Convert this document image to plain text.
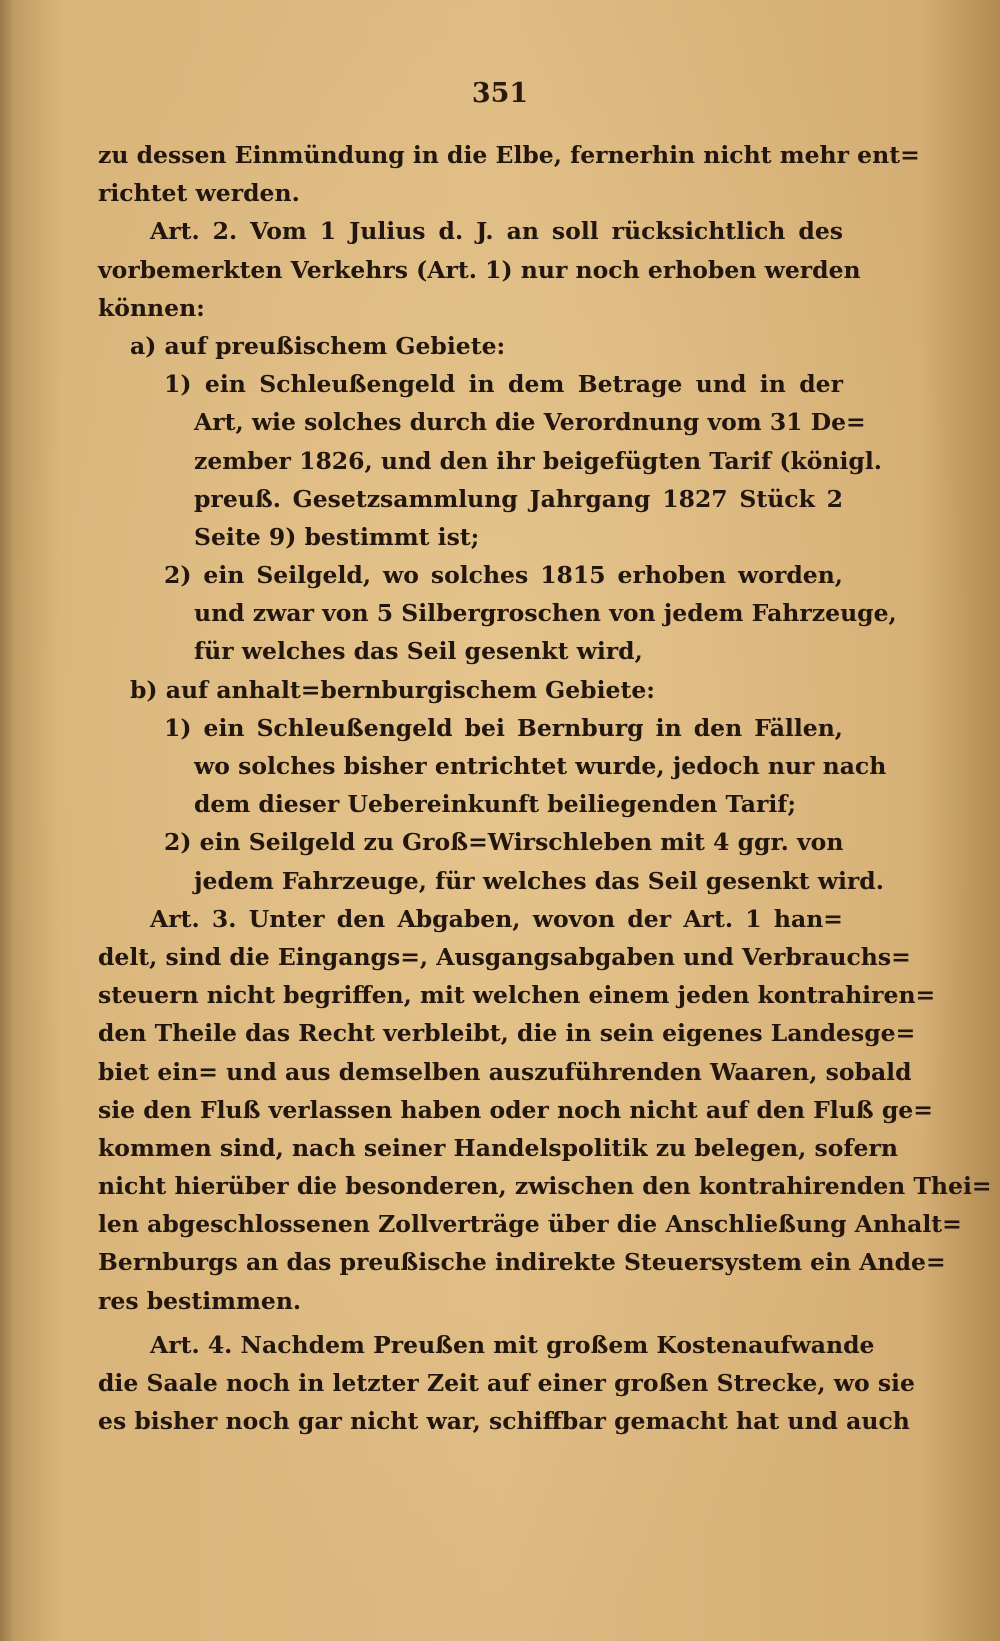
351
zu dessen Einmündung in die Elbe, fernerhin nicht mehr ent=
richtet werden.
Art. 2. Vom 1 Julius d. J. an soll rücksichtlich des
vorbemerkten Verkehrs (Art. 1) nur noch erhoben werden
können:
a) auf preußischem Gebiete:
1) ein Schleußengeld in dem Betrage und in der
Art, wie solches durch die Verordnung vom 31 De=
zember 1826, und den ihr beigefügten Tarif (königl.
preuß. Gesetzsammlung Jahrgang 1827 Stück 2
Seite 9) bestimmt ist;
2) ein Seilgeld, wo solches 1815 erhoben worden,
und zwar von 5 Silbergroschen von jedem Fahrzeuge,
für welches das Seil gesenkt wird,
b) auf anhalt=bernburgischem Gebiete:
1) ein Schleußengeld bei Bernburg in den Fällen,
wo solches bisher entrichtet wurde, jedoch nur nach
dem dieser Uebereinkunft beiliegenden Tarif;
2) ein Seilgeld zu Groß=Wirschleben mit 4 ggr. von
jedem Fahrzeuge, für welches das Seil gesenkt wird.
Art. 3. Unter den Abgaben, wovon der Art. 1 han=
delt, sind die Eingangs=, Ausgangsabgaben und Verbrauchs=
steuern nicht begriffen, mit welchen einem jeden kontrahiren=
den Theile das Recht verbleibt, die in sein eigenes Landesge=
biet ein= und aus demselben auszuführenden Waaren, sobald
sie den Fluß verlassen haben oder noch nicht auf den Fluß ge=
kommen sind, nach seiner Handelspolitik zu belegen, sofern
nicht hierüber die besonderen, zwischen den kontrahirenden Thei=
len abgeschlossenen Zollverträge über die Anschließung Anhalt=
Bernburgs an das preußische indirekte Steuersystem ein Ande=
res bestimmen.
Art. 4. Nachdem Preußen mit großem Kostenaufwande
die Saale noch in letzter Zeit auf einer großen Strecke, wo sie
es bisher noch gar nicht war, schiffbar gemacht hat und auch
